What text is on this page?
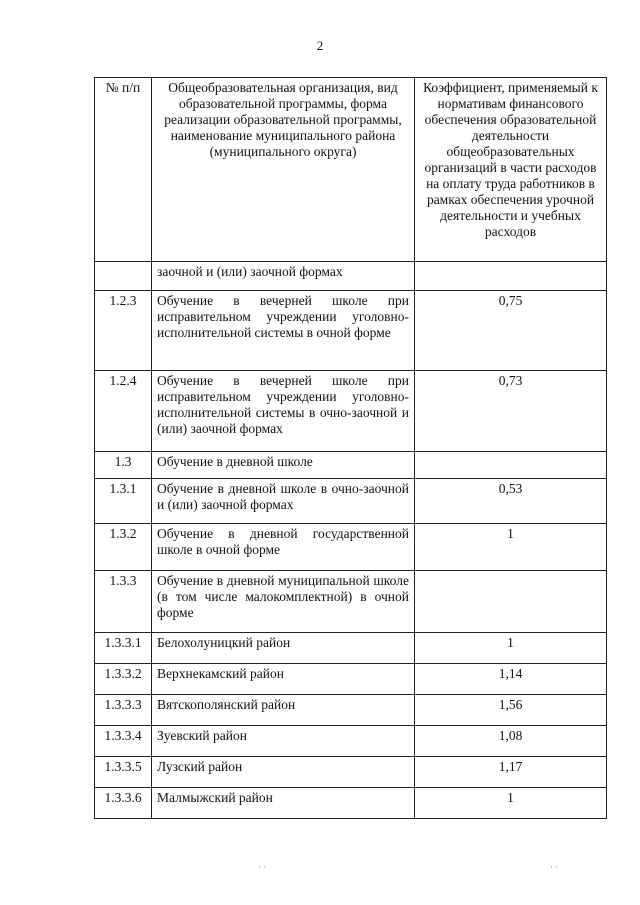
2
№ п/п	Общеобразовательная организация, вид образовательной программы, форма реализации образовательной программы, наименование муниципального района (муниципального округа)	Коэффициент, применяемый к нормативам финансового обеспечения образовательной деятельности общеобразовательных организаций в части расходов на оплату труда работников в рамках обеспечения урочной деятельности и учебных расходов
	заочной и (или) заочной формах	
1.2.3	Обучение в вечерней школе при исправительном учреждении уголовно-исполнительной системы в очной форме	0,75
1.2.4	Обучение в вечерней школе при исправительном учреждении уголовно-исполнительной системы в очно-заочной и (или) заочной формах	0,73
1.3	Обучение в дневной школе	
1.3.1	Обучение в дневной школе в очно-заочной и (или) заочной формах	0,53
1.3.2	Обучение в дневной государственной школе в очной форме	1
1.3.3	Обучение в дневной муниципальной школе (в том числе малокомплектной) в очной форме	
1.3.3.1	Белохолуницкий район	1
1.3.3.2	Верхнекамский район	1,14
1.3.3.3	Вятскополянский район	1,56
1.3.3.4	Зуевский район	1,08
1.3.3.5	Лузский район	1,17
1.3.3.6	Малмыжский район	1
· ·	· ·
